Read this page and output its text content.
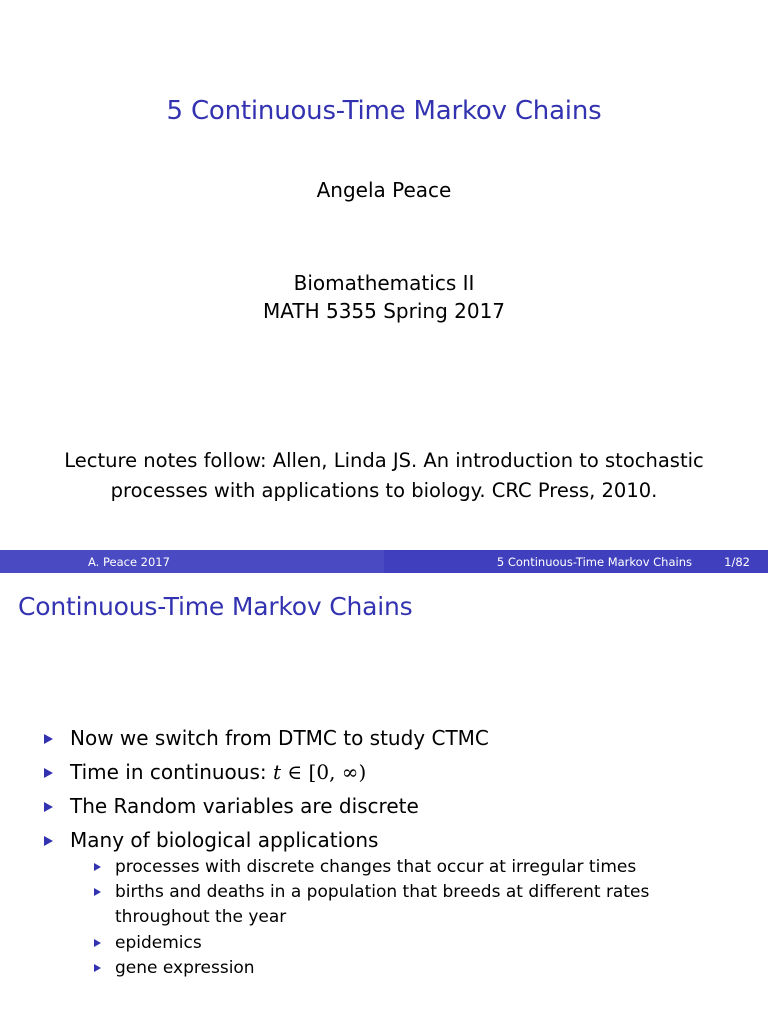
5 Continuous-Time Markov Chains
Angela Peace
Biomathematics II
MATH 5355 Spring 2017
Lecture notes follow: Allen, Linda JS. An introduction to stochastic
processes with applications to biology. CRC Press, 2010.
A. Peace 2017	5 Continuous-Time Markov Chains	1/82
Continuous-Time Markov Chains
Now we switch from DTMC to study CTMC
Time in continuous: t ∈ [0, ∞)
The Random variables are discrete
Many of biological applications
processes with discrete changes that occur at irregular times
births and deaths in a population that breeds at different rates throughout the year
epidemics
gene expression
